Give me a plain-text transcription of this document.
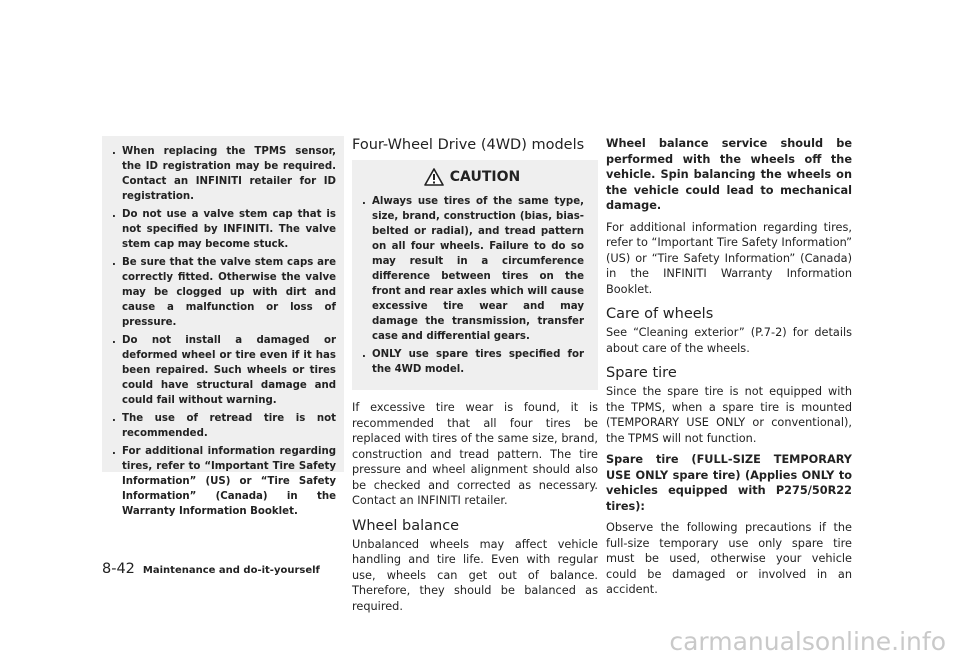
. When replacing the TPMS sensor, the ID registration may be required. Contact an INFINITI retailer for ID registration.
. Do not use a valve stem cap that is not specified by INFINITI. The valve stem cap may become stuck.
. Be sure that the valve stem caps are correctly fitted. Otherwise the valve may be clogged up with dirt and cause a malfunction or loss of pressure.
. Do not install a damaged or deformed wheel or tire even if it has been repaired. Such wheels or tires could have structural damage and could fail without warning.
. The use of retread tire is not recommended.
. For additional information regarding tires, refer to “Important Tire Safety Information” (US) or “Tire Safety Information” (Canada) in the Warranty Information Booklet.
Four-Wheel Drive (4WD) models
CAUTION
. Always use tires of the same type, size, brand, construction (bias, bias-belted or radial), and tread pattern on all four wheels. Failure to do so may result in a circumference difference between tires on the front and rear axles which will cause excessive tire wear and may damage the transmission, transfer case and differential gears.
. ONLY use spare tires specified for the 4WD model.

If excessive tire wear is found, it is recommended that all four tires be replaced with tires of the same size, brand, construction and tread pattern. The tire pressure and wheel alignment should also be checked and corrected as necessary. Contact an INFINITI retailer.

Wheel balance

Unbalanced wheels may affect vehicle handling and tire life. Even with regular use, wheels can get out of balance. Therefore, they should be balanced as required.

Wheel balance service should be performed with the wheels off the vehicle. Spin balancing the wheels on the vehicle could lead to mechanical damage.

For additional information regarding tires, refer to “Important Tire Safety Information” (US) or “Tire Safety Information” (Canada) in the INFINITI Warranty Information Booklet.

Care of wheels

See “Cleaning exterior” (P.7-2) for details about care of the wheels.

Spare tire

Since the spare tire is not equipped with the TPMS, when a spare tire is mounted (TEMPORARY USE ONLY or conventional), the TPMS will not function.

Spare tire (FULL-SIZE TEMPORARY USE ONLY spare tire) (Applies ONLY to vehicles equipped with P275/50R22 tires):

Observe the following precautions if the full-size temporary use only spare tire must be used, otherwise your vehicle could be damaged or involved in an accident.

8-42 Maintenance and do-it-yourself
carmanualsonline.info
